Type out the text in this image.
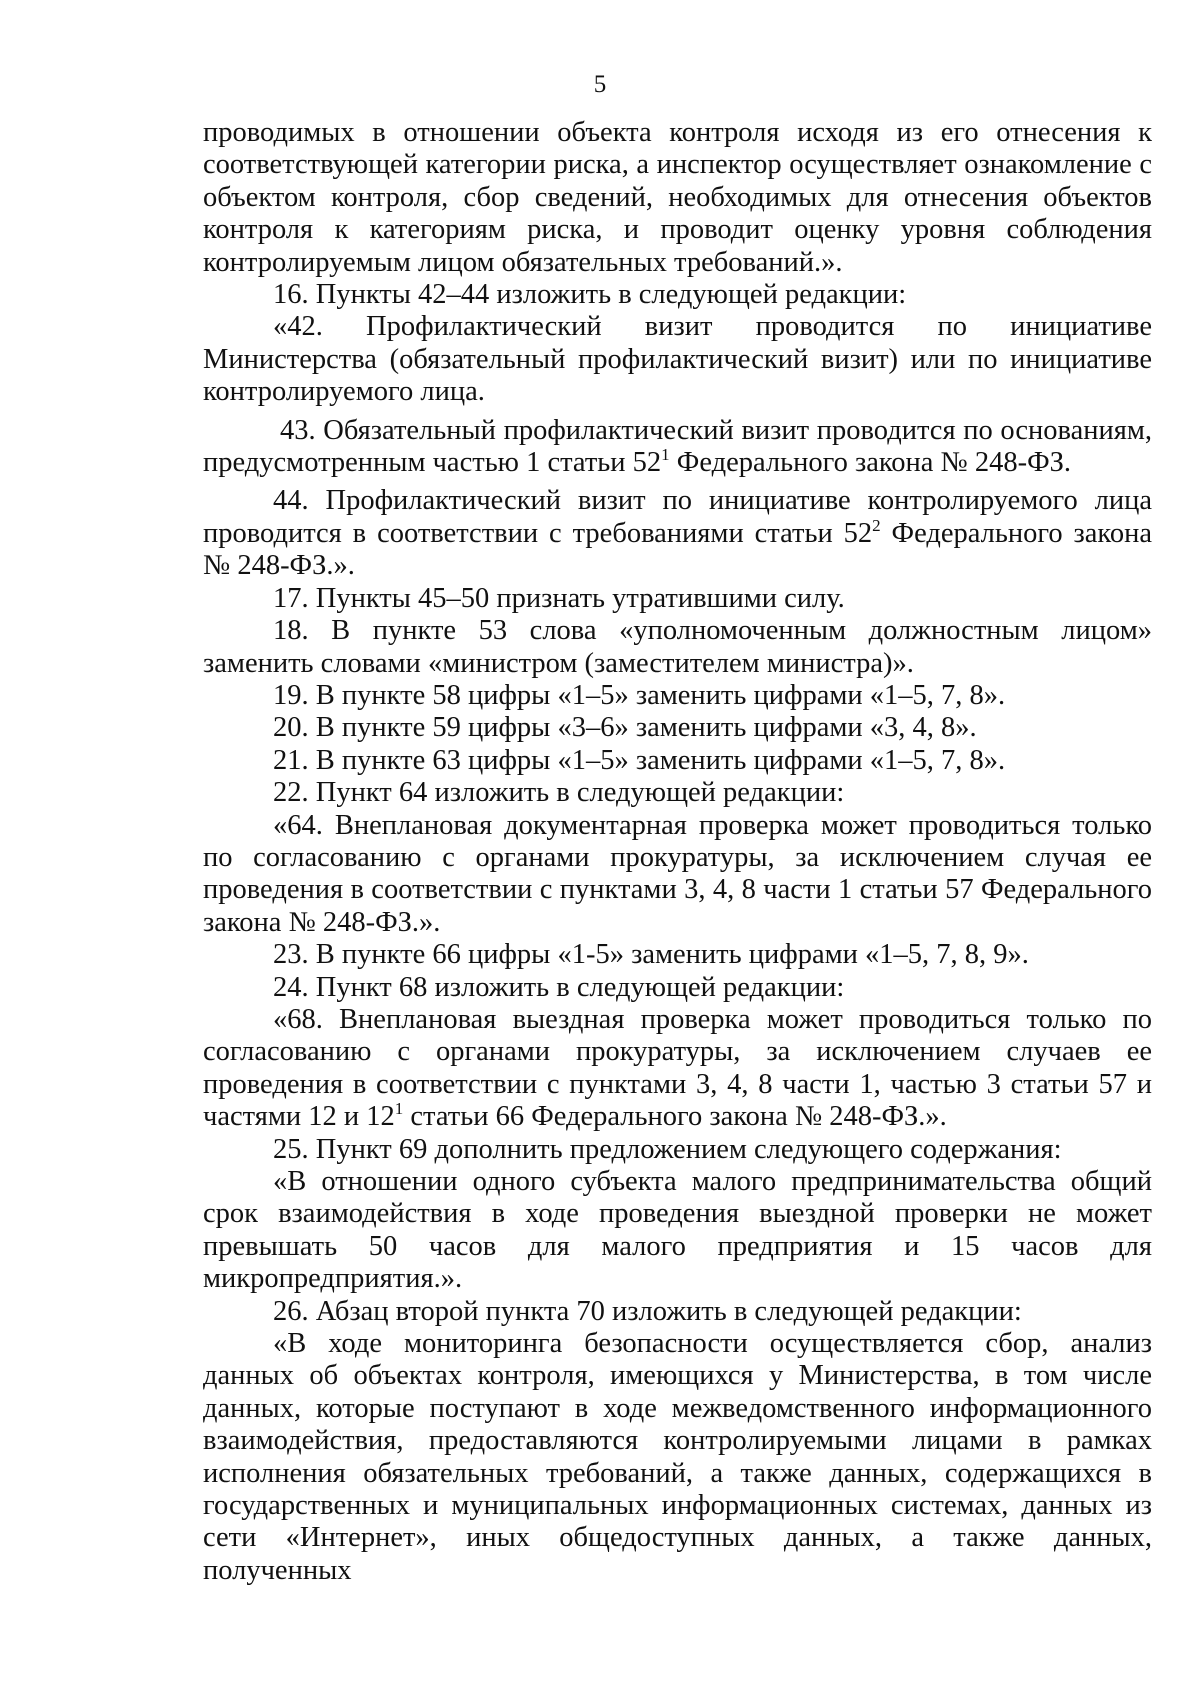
5

проводимых в отношении объекта контроля исходя из его отнесения к соответствующей категории риска, а инспектор осуществляет ознакомление с объектом контроля, сбор сведений, необходимых для отнесения объектов контроля к категориям риска, и проводит оценку уровня соблюдения контролируемым лицом обязательных требований.».

16. Пункты 42–44 изложить в следующей редакции:

«42. Профилактический визит проводится по инициативе Министерства (обязательный профилактический визит) или по инициативе контролируемого лица.

43. Обязательный профилактический визит проводится по основаниям, предусмотренным частью 1 статьи $52^1$ Федерального закона № 248-ФЗ.

44. Профилактический визит по инициативе контролируемого лица проводится в соответствии с требованиями статьи $52^2$ Федерального закона № 248-ФЗ.».

17. Пункты 45–50 признать утратившими силу.

18. В пункте 53 слова «уполномоченным должностным лицом» заменить словами «министром (заместителем министра)».

19. В пункте 58 цифры «1–5» заменить цифрами «1–5, 7, 8».

20. В пункте 59 цифры «3–6» заменить цифрами «3, 4, 8».

21. В пункте 63 цифры «1–5» заменить цифрами «1–5, 7, 8».

22. Пункт 64 изложить в следующей редакции:

«64. Внеплановая документарная проверка может проводиться только по согласованию с органами прокуратуры, за исключением случая ее проведения в соответствии с пунктами 3, 4, 8 части 1 статьи 57 Федерального закона № 248-ФЗ.».

23. В пункте 66 цифры «1-5» заменить цифрами «1–5, 7, 8, 9».

24. Пункт 68 изложить в следующей редакции:

«68. Внеплановая выездная проверка может проводиться только по согласованию с органами прокуратуры, за исключением случаев ее проведения в соответствии с пунктами 3, 4, 8 части 1, частью 3 статьи 57 и частями 12 и $12^1$ статьи 66 Федерального закона № 248-ФЗ.».

25. Пункт 69 дополнить предложением следующего содержания:

«В отношении одного субъекта малого предпринимательства общий срок взаимодействия в ходе проведения выездной проверки не может превышать 50 часов для малого предприятия и 15 часов для микропредприятия.».

26. Абзац второй пункта 70 изложить в следующей редакции:

«В ходе мониторинга безопасности осуществляется сбор, анализ данных об объектах контроля, имеющихся у Министерства, в том числе данных, которые поступают в ходе межведомственного информационного взаимодействия, предоставляются контролируемыми лицами в рамках исполнения обязательных требований, а также данных, содержащихся в государственных и муниципальных информационных системах, данных из сети «Интернет», иных общедоступных данных, а также данных, полученных
